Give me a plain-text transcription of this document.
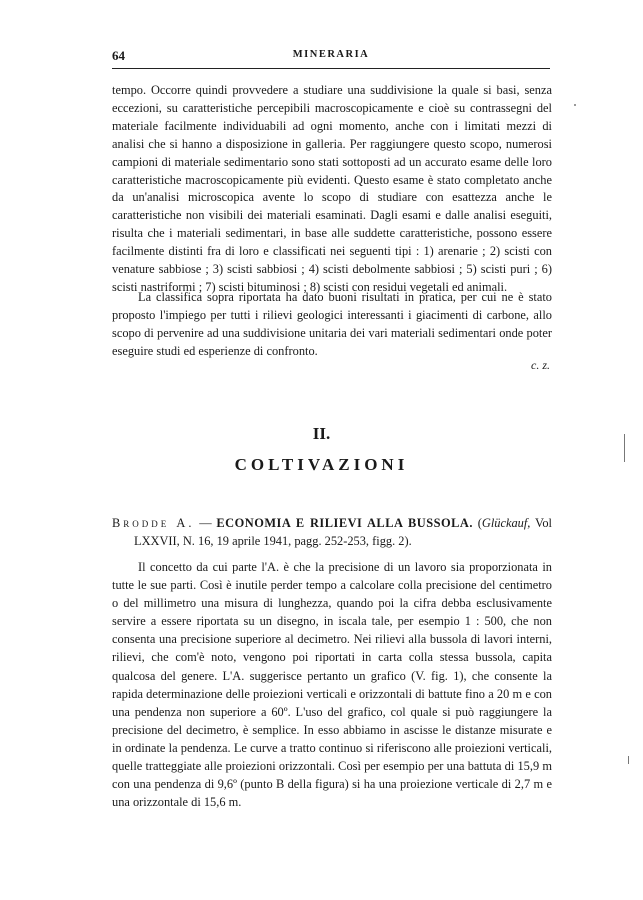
64	MINERARIA

tempo. Occorre quindi provvedere a studiare una suddivisione la quale si basi, senza eccezioni, su caratteristiche percepibili macroscopicamente e cioè su contrassegni del materiale facilmente individuabili ad ogni momento, anche con i limitati mezzi di analisi che si hanno a disposizione in galleria. Per raggiungere questo scopo, numerosi campioni di materiale sedimentario sono stati sottoposti ad un accurato esame delle loro caratteristiche macroscopicamente più evidenti. Questo esame è stato completato anche da un'analisi microscopica avente lo scopo di studiare con esattezza anche le caratteristiche non visibili dei materiali esaminati. Dagli esami e dalle analisi eseguiti, risulta che i materiali sedimentari, in base alle suddette caratteristiche, possono essere facilmente distinti fra di loro e classificati nei seguenti tipi : 1) arenarie ; 2) scisti con venature sabbiose ; 3) scisti sabbiosi ; 4) scisti debolmente sabbiosi ; 5) scisti puri ; 6) scisti nastriformi ; 7) scisti bituminosi ; 8) scisti con residui vegetali ed animali.

La classifica sopra riportata ha dato buoni risultati in pratica, per cui ne è stato proposto l'impiego per tutti i rilievi geologici interessanti i giacimenti di carbone, allo scopo di pervenire ad una suddivisione unitaria dei vari materiali sedimentari onde poter eseguire studi ed esperienze di confronto.

c. z.
II.
COLTIVAZIONI

Brodde A. — ECONOMIA E RILIEVI ALLA BUSSOLA. (Glückauf, Vol LXXVII, N. 16, 19 aprile 1941, pagg. 252-253, figg. 2).

Il concetto da cui parte l'A. è che la precisione di un lavoro sia proporzionata in tutte le sue parti. Così è inutile perder tempo a calcolare colla precisione del centimetro o del millimetro una misura di lunghezza, quando poi la cifra debba esclusivamente servire a essere riportata su un disegno, in iscala tale, per esempio 1 : 500, che non consenta una precisione superiore al decimetro. Nei rilievi alla bussola di lavori interni, rilievi, che com'è noto, vengono poi riportati in carta colla stessa bussola, capita qualcosa del genere. L'A. suggerisce pertanto un grafico (V. fig. 1), che consente la rapida determinazione delle proiezioni verticali e orizzontali di battute fino a 20 m e con una pendenza non superiore a 60º. L'uso del grafico, col quale si può raggiungere la precisione del decimetro, è semplice. In esso abbiamo in ascisse le distanze misurate e in ordinate la pendenza. Le curve a tratto continuo si riferiscono alle proiezioni verticali, quelle tratteggiate alle proiezioni orizzontali. Così per esempio per una battuta di 15,9 m con una pendenza di 9,6º (punto B della figura) si ha una proiezione verticale di 2,7 m e una orizzontale di 15,6 m.
